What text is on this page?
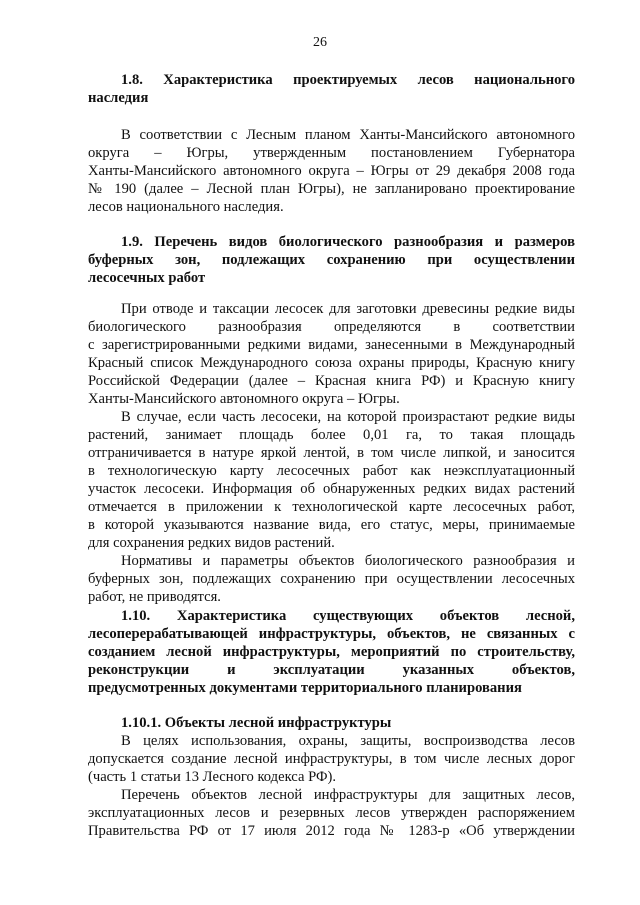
26

1.8. Характеристика проектируемых лесов национального
наследия

В соответствии с Лесным планом Ханты-Мансийского автономного
округа – Югры, утвержденным постановлением Губернатора
Ханты-Мансийского автономного округа – Югры от 29 декабря 2008 года
№ 190 (далее – Лесной план Югры), не запланировано проектирование
лесов национального наследия.

1.9. Перечень видов биологического разнообразия и размеров
буферных зон, подлежащих сохранению при осуществлении
лесосечных работ

При отводе и таксации лесосек для заготовки древесины редкие виды
биологического разнообразия определяются в соответствии
с зарегистрированными редкими видами, занесенными в Международный
Красный список Международного союза охраны природы, Красную книгу
Российской Федерации (далее – Красная книга РФ) и Красную книгу
Ханты-Мансийского автономного округа – Югры.
В случае, если часть лесосеки, на которой произрастают редкие виды
растений, занимает площадь более 0,01 га, то такая площадь
отграничивается в натуре яркой лентой, в том числе липкой, и заносится
в технологическую карту лесосечных работ как неэксплуатационный
участок лесосеки. Информация об обнаруженных редких видах растений
отмечается в приложении к технологической карте лесосечных работ,
в которой указываются название вида, его статус, меры, принимаемые
для сохранения редких видов растений.
Нормативы и параметры объектов биологического разнообразия и
буферных зон, подлежащих сохранению при осуществлении лесосечных
работ, не приводятся.

1.10. Характеристика существующих объектов лесной,
лесоперерабатывающей инфраструктуры, объектов, не связанных с
созданием лесной инфраструктуры, мероприятий по строительству,
реконструкции и эксплуатации указанных объектов,
предусмотренных документами территориального планирования

1.10.1. Объекты лесной инфраструктуры

В целях использования, охраны, защиты, воспроизводства лесов
допускается создание лесной инфраструктуры, в том числе лесных дорог
(часть 1 статьи 13 Лесного кодекса РФ).
Перечень объектов лесной инфраструктуры для защитных лесов,
эксплуатационных лесов и резервных лесов утвержден распоряжением
Правительства РФ от 17 июля 2012 года № 1283-р «Об утверждении
